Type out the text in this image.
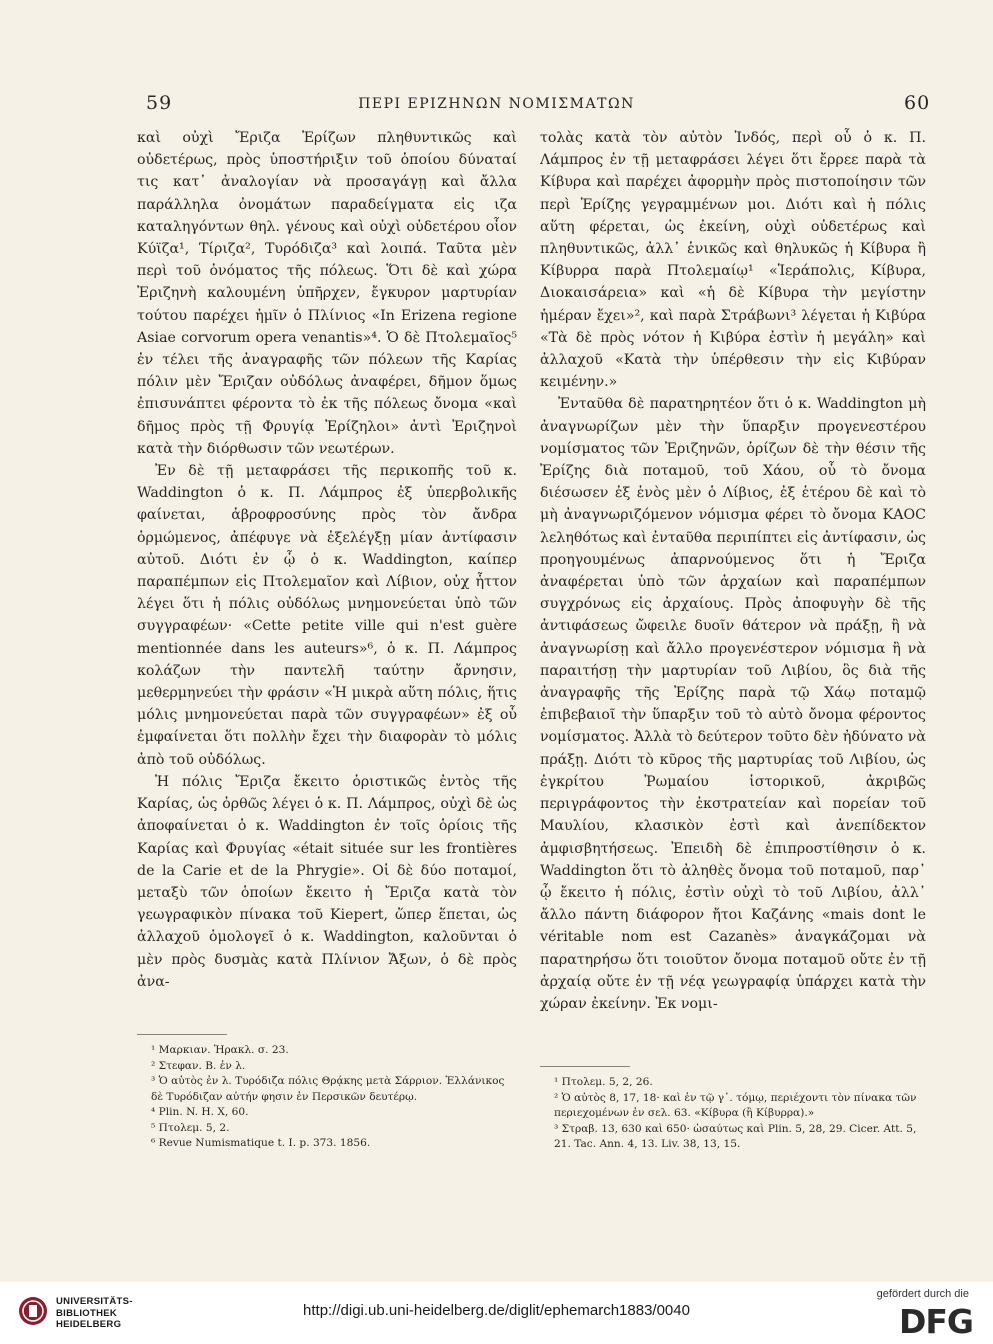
59	ΠΕΡΙ ΕΡΙΖΗΝΩΝ ΝΟΜΙΣΜΑΤΩΝ	60

καὶ οὐχὶ Ἔριζα Ἐρίζων πληθυντικῶς καὶ οὐδετέρως, πρὸς ὑποστήριξιν τοῦ ὁποίου δύναταί τις κατ᾽ ἀναλογίαν νὰ προσαγάγῃ καὶ ἄλλα παράλληλα ὀνομάτων παραδείγματα εἰς ιζα καταληγόντων θηλ. γένους καὶ οὐχὶ οὐδετέρου οἷον Κύϊζα¹, Τίριζα², Τυρόδιζα³ καὶ λοιπά. Ταῦτα μὲν περὶ τοῦ ὀνόματος τῆς πόλεως. Ὅτι δὲ καὶ χώρα Ἐριζηνὴ καλουμένη ὑπῆρχεν, ἔγκυρον μαρτυρίαν τούτου παρέχει ἡμῖν ὁ Πλίνιος «In Erizena regione Asiae corvorum opera venantis»⁴. Ὁ δὲ Πτολεμαῖος⁵ ἐν τέλει τῆς ἀναγραφῆς τῶν πόλεων τῆς Καρίας πόλιν μὲν Ἔριζαν οὐδόλως ἀναφέρει, δῆμον ὅμως ἐπισυνάπτει φέροντα τὸ ἐκ τῆς πόλεως ὄνομα «καὶ δῆμος πρὸς τῇ Φρυγίᾳ Ἐρίζηλοι» ἀντὶ Ἐριζηνοὶ κατὰ τὴν διόρθωσιν τῶν νεωτέρων.

Ἐν δὲ τῇ μεταφράσει τῆς περικοπῆς τοῦ κ. Waddington ὁ κ. Π. Λάμπρος ἐξ ὑπερβολικῆς φαίνεται, ἀβροφροσύνης πρὸς τὸν ἄνδρα ὁρμώμενος, ἀπέφυγε νὰ ἐξελέγξῃ μίαν ἀντίφασιν αὐτοῦ. Διότι ἐν ᾧ ὁ κ. Waddington, καίπερ παραπέμπων εἰς Πτολεμαῖον καὶ Λίβιον, οὐχ ἧττον λέγει ὅτι ἡ πόλις οὐδόλως μνημονεύεται ὑπὸ τῶν συγγραφέων· «Cette petite ville qui n'est guère mentionnée dans les auteurs»⁶, ὁ κ. Π. Λάμπρος κολάζων τὴν παντελῆ ταύτην ἄρνησιν, μεθερμηνεύει τὴν φράσιν «Ἡ μικρὰ αὕτη πόλις, ἥτις μόλις μνημονεύεται παρὰ τῶν συγγραφέων» ἐξ οὗ ἐμφαίνεται ὅτι πολλὴν ἔχει τὴν διαφορὰν τὸ μόλις ἀπὸ τοῦ οὐδόλως.

Ἡ πόλις Ἔριζα ἔκειτο ὁριστικῶς ἐντὸς τῆς Καρίας, ὡς ὀρθῶς λέγει ὁ κ. Π. Λάμπρος, οὐχὶ δὲ ὡς ἀποφαίνεται ὁ κ. Waddington ἐν τοῖς ὁρίοις τῆς Καρίας καὶ Φρυγίας «était située sur les frontières de la Carie et de la Phrygie». Οἱ δὲ δύο ποταμοί, μεταξὺ τῶν ὁποίων ἔκειτο ἡ Ἔριζα κατὰ τὸν γεωγραφικὸν πίνακα τοῦ Kiepert, ὥπερ ἕπεται, ὡς ἀλλαχοῦ ὁμολογεῖ ὁ κ. Waddington, καλοῦνται ὁ μὲν πρὸς δυσμὰς κατὰ Πλίνιον Ἄξων, ὁ δὲ πρὸς ἀνα-

τολὰς κατὰ τὸν αὐτὸν Ἰνδός, περὶ οὗ ὁ κ. Π. Λάμπρος ἐν τῇ μεταφράσει λέγει ὅτι ἔρρεε παρὰ τὰ Κίβυρα καὶ παρέχει ἀφορμὴν πρὸς πιστοποίησιν τῶν περὶ Ἐρίζης γεγραμμένων μοι. Διότι καὶ ἡ πόλις αὕτη φέρεται, ὡς ἐκείνη, οὐχὶ οὐδετέρως καὶ πληθυντικῶς, ἀλλ᾽ ἑνικῶς καὶ θηλυκῶς ἡ Κίβυρα ἢ Κίβυρρα παρὰ Πτολεμαίῳ¹ «Ἱεράπολις, Κίβυρα, Διοκαισάρεια» καὶ «ἡ δὲ Κίβυρα τὴν μεγίστην ἡμέραν ἔχει»², καὶ παρὰ Στράβωνι³ λέγεται ἡ Κιβύρα «Τὰ δὲ πρὸς νότον ἡ Κιβύρα ἐστὶν ἡ μεγάλη» καὶ ἀλλαχοῦ «Κατὰ τὴν ὑπέρθεσιν τὴν εἰς Κιβύραν κειμένην.»

Ἐνταῦθα δὲ παρατηρητέον ὅτι ὁ κ. Waddington μὴ ἀναγνωρίζων μὲν τὴν ὕπαρξιν προγενεστέρου νομίσματος τῶν Ἐριζηνῶν, ὁρίζων δὲ τὴν θέσιν τῆς Ἐρίζης διὰ ποταμοῦ, τοῦ Χάου, οὗ τὸ ὄνομα διέσωσεν ἐξ ἑνὸς μὲν ὁ Λίβιος, ἐξ ἑτέρου δὲ καὶ τὸ μὴ ἀναγνωριζόμενον νόμισμα φέρει τὸ ὄνομα ΚΑΟC λεληθότως καὶ ἐνταῦθα περιπίπτει εἰς ἀντίφασιν, ὡς προηγουμένως ἀπαρνούμενος ὅτι ἡ Ἔριζα ἀναφέρεται ὑπὸ τῶν ἀρχαίων καὶ παραπέμπων συγχρόνως εἰς ἀρχαίους. Πρὸς ἀποφυγὴν δὲ τῆς ἀντιφάσεως ὤφειλε δυοῖν θάτερον νὰ πράξῃ, ἢ νὰ ἀναγνωρίσῃ καὶ ἄλλο προγενέστερον νόμισμα ἢ νὰ παραιτήσῃ τὴν μαρτυρίαν τοῦ Λιβίου, ὃς διὰ τῆς ἀναγραφῆς τῆς Ἐρίζης παρὰ τῷ Χάῳ ποταμῷ ἐπιβεβαιοῖ τὴν ὕπαρξιν τοῦ τὸ αὐτὸ ὄνομα φέροντος νομίσματος. Ἀλλὰ τὸ δεύτερον τοῦτο δὲν ἠδύνατο νὰ πράξῃ. Διότι τὸ κῦρος τῆς μαρτυρίας τοῦ Λιβίου, ὡς ἐγκρίτου Ῥωμαίου ἱστορικοῦ, ἀκριβῶς περιγράφοντος τὴν ἐκστρατείαν καὶ πορείαν τοῦ Μαυλίου, κλασικὸν ἐστὶ καὶ ἀνεπίδεκτον ἀμφισβητήσεως. Ἐπειδὴ δὲ ἐπιπροστίθησιν ὁ κ. Waddington ὅτι τὸ ἀληθὲς ὄνομα τοῦ ποταμοῦ, παρ᾽ ᾧ ἔκειτο ἡ πόλις, ἐστὶν οὐχὶ τὸ τοῦ Λιβίου, ἀλλ᾽ ἄλλο πάντη διάφορον ἤτοι Καζάνης «mais dont le véritable nom est Cazanès» ἀναγκάζομαι νὰ παρατηρήσω ὅτι τοιοῦτον ὄνομα ποταμοῦ οὔτε ἐν τῇ ἀρχαίᾳ οὔτε ἐν τῇ νέᾳ γεωγραφίᾳ ὑπάρχει κατὰ τὴν χώραν ἐκείνην. Ἐκ νομι-

¹ Μαρκιαν. Ἡρακλ. σ. 23.

² Στεφαν. Β. ἐν λ.

³ Ὁ αὐτὸς ἐν λ. Τυρόδιζα πόλις Θρᾴκης μετὰ Σάρριον. Ἑλλάνικος δὲ Τυρόδιζαν αὐτήν φησιν ἐν Περσικῶν δευτέρῳ.

⁴ Plin. N. H. X, 60.

⁵ Πτολεμ. 5, 2.

⁶ Revue Numismatique t. I. p. 373. 1856.

¹ Πτολεμ. 5, 2, 26.

² Ὁ αὐτὸς 8, 17, 18· καὶ ἐν τῷ γ᾽. τόμῳ, περιέχοντι τὸν πίνακα τῶν περιεχομένων ἐν σελ. 63. «Κίβυρα (ἢ Κίβυρρα).»

³ Στραβ. 13, 630 καὶ 650· ὡσαύτως καὶ Plin. 5, 28, 29. Cicer. Att. 5, 21. Tac. Ann. 4, 13. Liv. 38, 13, 15.

UNIVERSITÄTS-
BIBLIOTHEK
HEIDELBERG
http://digi.ub.uni-heidelberg.de/diglit/ephemarch1883/0040
gefördert durch die
DFG
